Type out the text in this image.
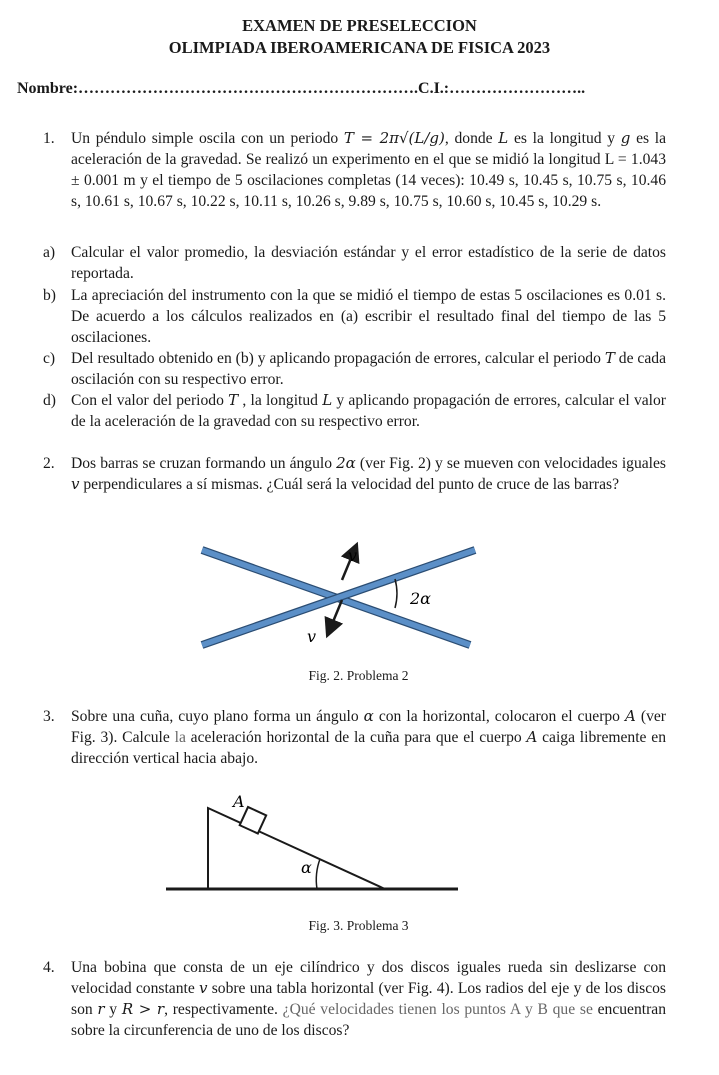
EXAMEN DE PRESELECCION
OLIMPIADA IBEROAMERICANA DE FISICA 2023
Nombre:……………………………………………………….C.I.:……………………..
1. Un péndulo simple oscila con un periodo T = 2π√(L/g), donde L es la longitud y g es la aceleración de la gravedad. Se realizó un experimento en el que se midió la longitud L = 1.043 ± 0.001 m y el tiempo de 5 oscilaciones completas (14 veces): 10.49 s, 10.45 s, 10.75 s, 10.46 s, 10.61 s, 10.67 s, 10.22 s, 10.11 s, 10.26 s, 9.89 s, 10.75 s, 10.60 s, 10.45 s, 10.29 s.
a) Calcular el valor promedio, la desviación estándar y el error estadístico de la serie de datos reportada.
b) La apreciación del instrumento con la que se midió el tiempo de estas 5 oscilaciones es 0.01 s. De acuerdo a los cálculos realizados en (a) escribir el resultado final del tiempo de las 5 oscilaciones.
c) Del resultado obtenido en (b) y aplicando propagación de errores, calcular el periodo T de cada oscilación con su respectivo error.
d) Con el valor del periodo T , la longitud L y aplicando propagación de errores, calcular el valor de la aceleración de la gravedad con su respectivo error.
2. Dos barras se cruzan formando un ángulo 2α (ver Fig. 2) y se mueven con velocidades iguales v perpendiculares a sí mismas. ¿Cuál será la velocidad del punto de cruce de las barras?
v
v
2α
Fig. 2. Problema 2
3. Sobre una cuña, cuyo plano forma un ángulo α con la horizontal, colocaron el cuerpo A (ver Fig. 3). Calcule la aceleración horizontal de la cuña para que el cuerpo A caiga libremente en dirección vertical hacia abajo.
A
α
Fig. 3. Problema 3
4. Una bobina que consta de un eje cilíndrico y dos discos iguales rueda sin deslizarse con velocidad constante v sobre una tabla horizontal (ver Fig. 4). Los radios del eje y de los discos son r y R > r, respectivamente. ¿Qué velocidades tienen los puntos A y B que se encuentran sobre la circunferencia de uno de los discos?
